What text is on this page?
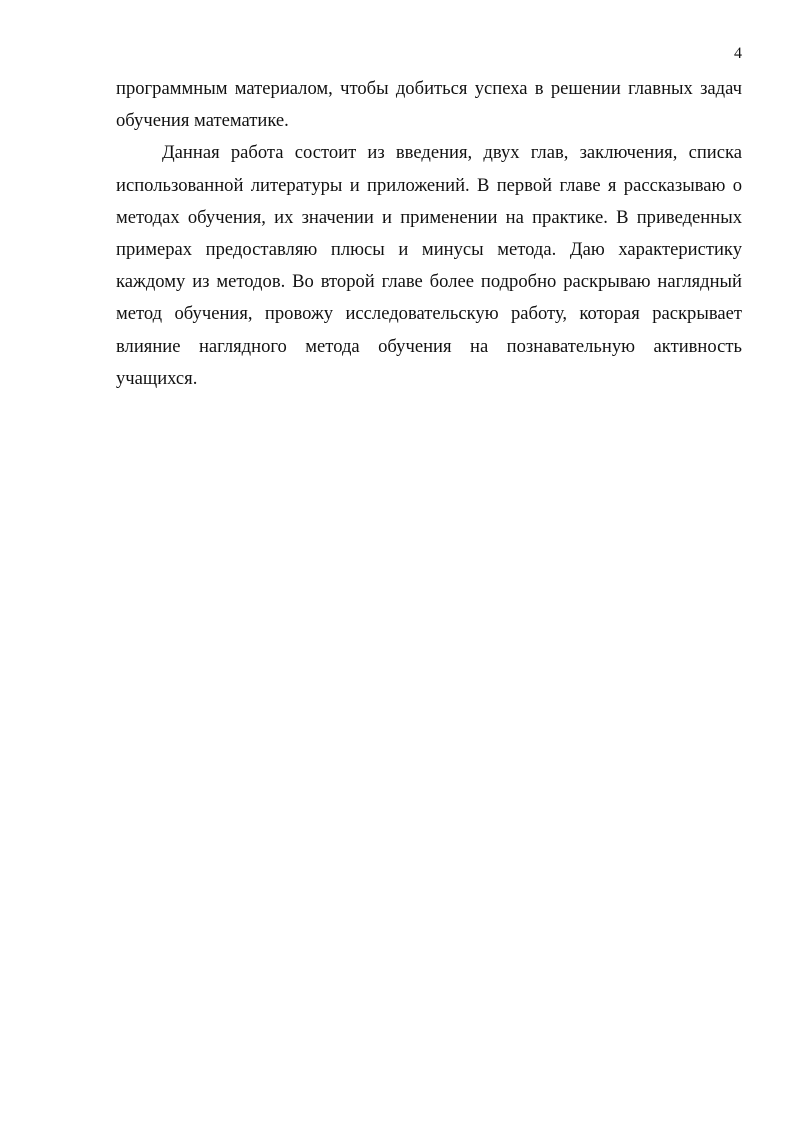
4

программным материалом, чтобы добиться успеха в решении главных задач обучения математике.

Данная работа состоит из введения, двух глав, заключения, списка использованной литературы и приложений. В первой главе я рассказываю о методах обучения, их значении и применении на практике. В приведенных примерах предоставляю плюсы и минусы метода. Даю характеристику каждому из методов. Во второй главе более подробно раскрываю наглядный метод обучения, провожу исследовательскую работу, которая раскрывает влияние наглядного метода обучения на познавательную активность учащихся.
